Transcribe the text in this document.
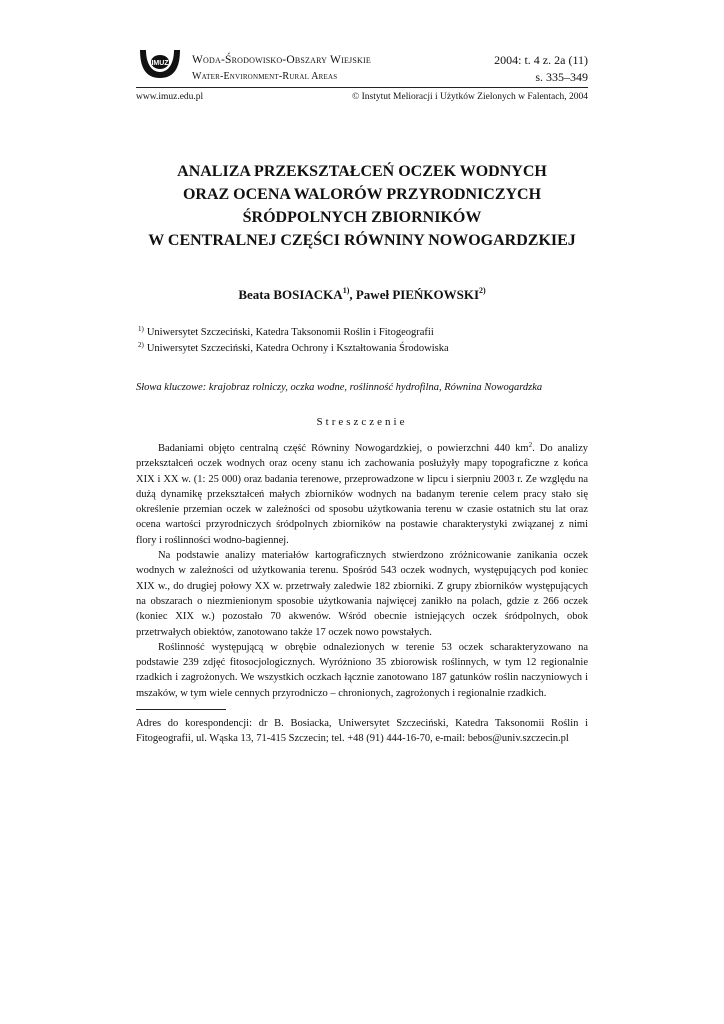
IMUZ Woda-Środowisko-Obszary Wiejskie
Water-Environment-Rural Areas
2004: t. 4 z. 2a (11)
s. 335–349
www.imuz.edu.pl	© Instytut Melioracji i Użytków Zielonych w Falentach, 2004
ANALIZA PRZEKSZTAŁCEŃ OCZEK WODNYCH
ORAZ OCENA WALORÓW PRZYRODNICZYCH
ŚRÓDPOLNYCH ZBIORNIKÓW
W CENTRALNEJ CZĘŚCI RÓWNINY NOWOGARDZKIEJ
Beata BOSIACKA$^{1)}$, Paweł PIEŃKOWSKI$^{2)}$
$^{1)}$ Uniwersytet Szczeciński, Katedra Taksonomii Roślin i Fitogeografii
$^{2)}$ Uniwersytet Szczeciński, Katedra Ochrony i Kształtowania Środowiska
Słowa kluczowe: krajobraz rolniczy, oczka wodne, roślinność hydrofilna, Równina Nowogardzka
Streszczenie

Badaniami objęto centralną część Równiny Nowogardzkiej, o powierzchni 440 $km^2$. Do analizy przekształceń oczek wodnych oraz oceny stanu ich zachowania posłużyły mapy topograficzne z końca XIX i XX w. (1: 25 000) oraz badania terenowe, przeprowadzone w lipcu i sierpniu 2003 r. Ze względu na dużą dynamikę przekształceń małych zbiorników wodnych na badanym terenie celem pracy stało się określenie przemian oczek w zależności od sposobu użytkowania terenu w czasie ostatnich stu lat oraz ocena wartości przyrodniczych śródpolnych zbiorników na postawie charakterystyki związanej z nimi flory i roślinności wodno-bagiennej.

Na podstawie analizy materiałów kartograficznych stwierdzono zróżnicowanie zanikania oczek wodnych w zależności od użytkowania terenu. Spośród 543 oczek wodnych, występujących pod koniec XIX w., do drugiej połowy XX w. przetrwały zaledwie 182 zbiorniki. Z grupy zbiorników występujących na obszarach o niezmienionym sposobie użytkowania najwięcej zanikło na polach, gdzie z 266 oczek (koniec XIX w.) pozostało 70 akwenów. Wśród obecnie istniejących oczek śródpolnych, obok przetrwałych obiektów, zanotowano także 17 oczek nowo powstałych.

Roślinność występującą w obrębie odnalezionych w terenie 53 oczek scharakteryzowano na podstawie 239 zdjęć fitosocjologicznych. Wyróżniono 35 zbiorowisk roślinnych, w tym 12 regionalnie rzadkich i zagrożonych. We wszystkich oczkach łącznie zanotowano 187 gatunków roślin naczyniowych i mszaków, w tym wiele cennych przyrodniczo – chronionych, zagrożonych i regionalnie rzadkich.

Adres do korespondencji: dr B. Bosiacka, Uniwersytet Szczeciński, Katedra Taksonomii Roślin i Fitogeografii, ul. Wąska 13, 71-415 Szczecin; tel. +48 (91) 444-16-70, e-mail: bebos@univ.szczecin.pl
